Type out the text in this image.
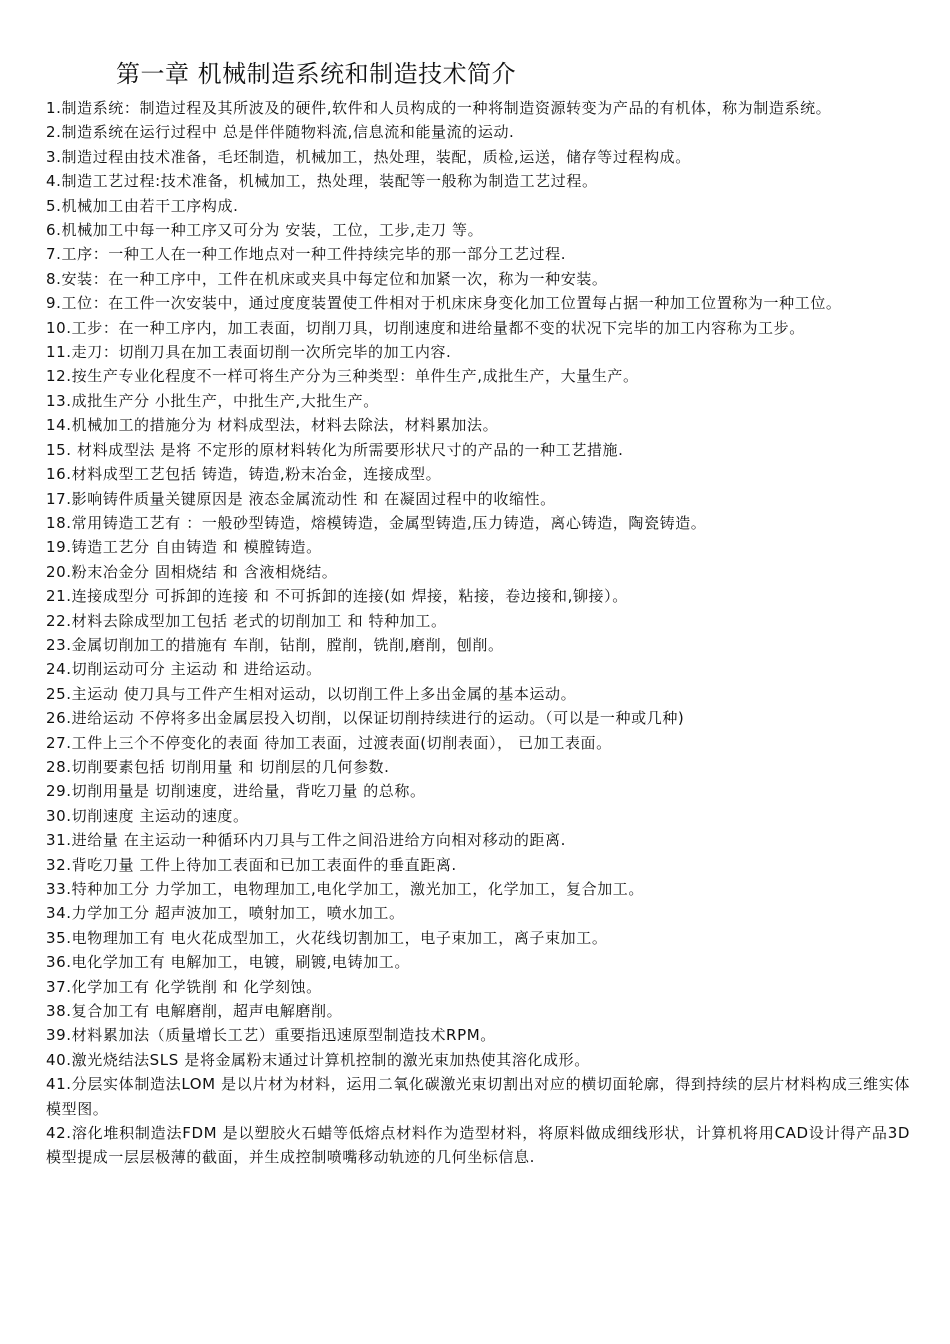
第一章 机械制造系统和制造技术简介
1.制造系统：制造过程及其所波及的硬件,软件和人员构成的一种将制造资源转变为产品的有机体，称为制造系统。
2.制造系统在运行过程中 总是伴伴随物料流,信息流和能量流的运动.
3.制造过程由技术准备，毛坯制造，机械加工，热处理，装配，质检,运送，储存等过程构成。
4.制造工艺过程:技术准备，机械加工，热处理，装配等一般称为制造工艺过程。
5.机械加工由若干工序构成.
6.机械加工中每一种工序又可分为 安装，工位，工步,走刀 等。
7.工序：一种工人在一种工作地点对一种工件持续完毕的那一部分工艺过程.
8.安装：在一种工序中，工件在机床或夹具中每定位和加紧一次，称为一种安装。
9.工位：在工件一次安装中，通过度度装置使工件相对于机床床身变化加工位置每占据一种加工位置称为一种工位。
10.工步：在一种工序内，加工表面，切削刀具，切削速度和进给量都不变的状况下完毕的加工内容称为工步。
11.走刀：切削刀具在加工表面切削一次所完毕的加工内容.
12.按生产专业化程度不一样可将生产分为三种类型：单件生产,成批生产，大量生产。
13.成批生产分 小批生产，中批生产,大批生产。
14.机械加工的措施分为 材料成型法，材料去除法，材料累加法。
15. 材料成型法 是将 不定形的原材料转化为所需要形状尺寸的产品的一种工艺措施.
16.材料成型工艺包括 铸造，铸造,粉末冶金，连接成型。
17.影响铸件质量关键原因是 液态金属流动性 和 在凝固过程中的收缩性。
18.常用铸造工艺有 ：一般砂型铸造，熔模铸造，金属型铸造,压力铸造，离心铸造，陶瓷铸造。
19.铸造工艺分 自由铸造 和 模膛铸造。
20.粉末冶金分 固相烧结 和 含液相烧结。
21.连接成型分 可拆卸的连接 和 不可拆卸的连接(如 焊接，粘接，卷边接和,铆接）。
22.材料去除成型加工包括 老式的切削加工 和 特种加工。
23.金属切削加工的措施有 车削，钻削，膛削，铣削,磨削，刨削。
24.切削运动可分 主运动 和 进给运动。
25.主运动 使刀具与工件产生相对运动，以切削工件上多出金属的基本运动。
26.进给运动 不停将多出金属层投入切削，以保证切削持续进行的运动。（可以是一种或几种)
27.工件上三个不停变化的表面 待加工表面，过渡表面(切削表面）， 已加工表面。
28.切削要素包括 切削用量 和 切削层的几何参数.
29.切削用量是 切削速度，进给量，背吃刀量 的总称。
30.切削速度 主运动的速度。
31.进给量 在主运动一种循环内刀具与工件之间沿进给方向相对移动的距离.
32.背吃刀量 工件上待加工表面和已加工表面件的垂直距离.
33.特种加工分 力学加工，电物理加工,电化学加工，激光加工，化学加工，复合加工。
34.力学加工分 超声波加工，喷射加工，喷水加工。
35.电物理加工有 电火花成型加工，火花线切割加工，电子束加工，离子束加工。
36.电化学加工有 电解加工，电镀，刷镀,电铸加工。
37.化学加工有 化学铣削 和 化学刻蚀。
38.复合加工有 电解磨削，超声电解磨削。
39.材料累加法（质量增长工艺）重要指迅速原型制造技术RPM。
40.激光烧结法SLS 是将金属粉末通过计算机控制的激光束加热使其溶化成形。
41.分层实体制造法LOM 是以片材为材料，运用二氧化碳激光束切割出对应的横切面轮廓，得到持续的层片材料构成三维实体模型图。
42.溶化堆积制造法FDM 是以塑胶火石蜡等低熔点材料作为造型材料，将原料做成细线形状，计算机将用CAD设计得产品3D模型提成一层层极薄的截面，并生成控制喷嘴移动轨迹的几何坐标信息.
